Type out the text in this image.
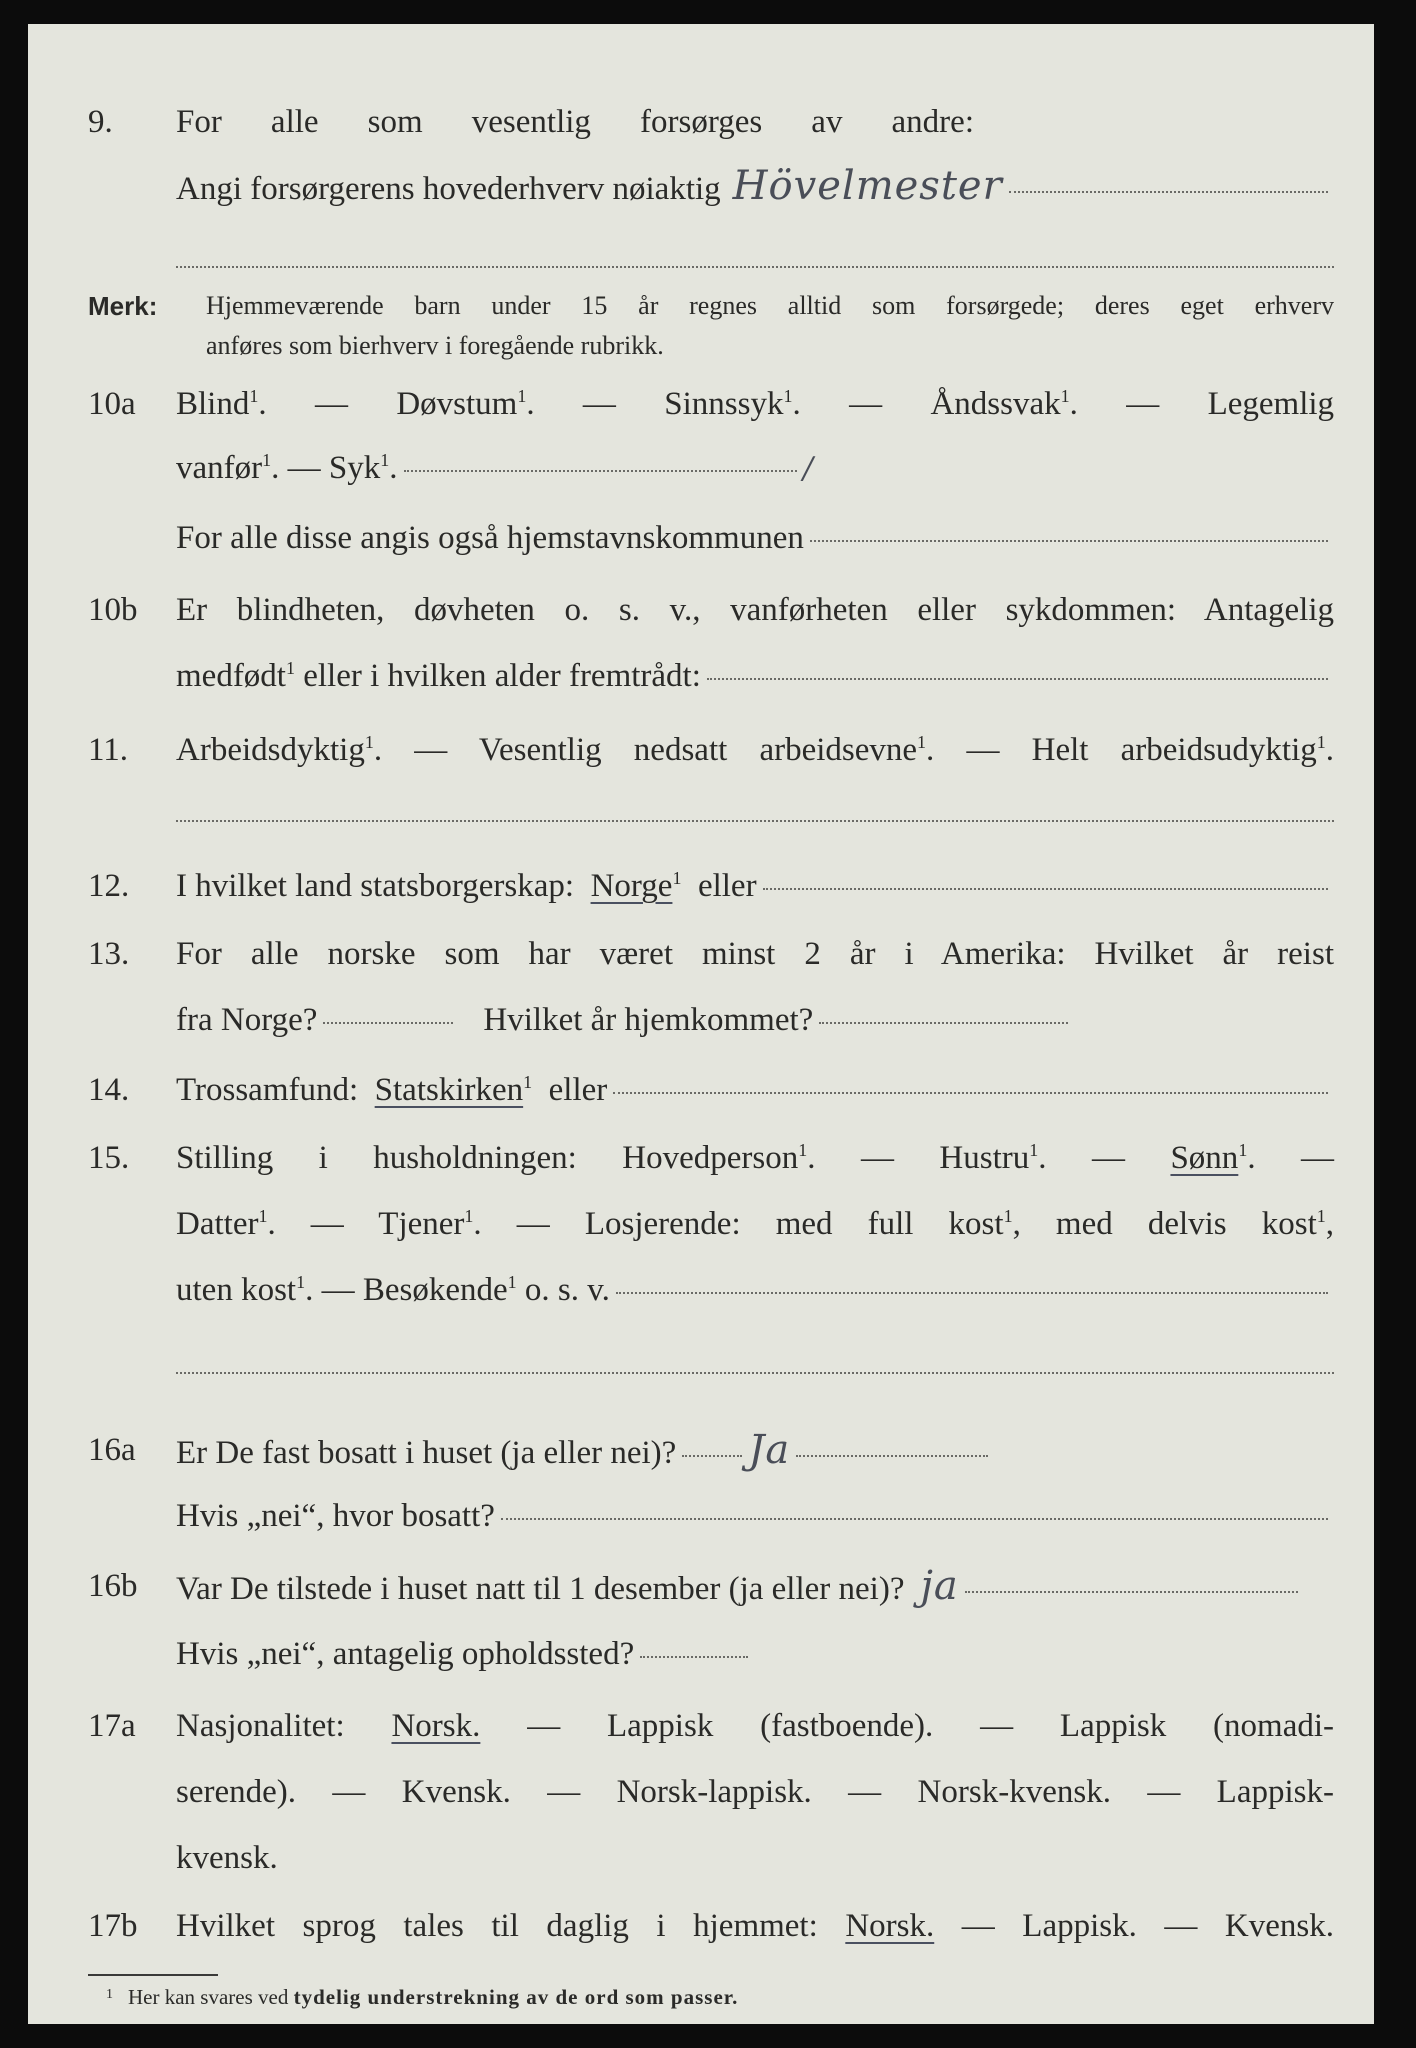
9. For alle som vesentlig forsørges av andre:
Angi forsørgerens hovederhverv nøiaktig Hövelmester
Merk: Hjemmeværende barn under 15 år regnes alltid som forsørgede; deres eget erhverv
anføres som bierhverv i foregående rubrikk.
10a Blind$^1$. — Døvstum$^1$. — Sinnssyk$^1$. — Åndssvak$^1$. — Legemlig
vanfør$^1$. — Syk$^1$.	/
For alle disse angis også hjemstavnskommunen
10b Er blindheten, døvheten o. s. v., vanførheten eller sykdommen: Antagelig
medfødt$^1$ eller i hvilken alder fremtrådt:
11. Arbeidsdyktig$^1$. — Vesentlig nedsatt arbeidsevne$^1$. — Helt arbeidsudyktig$^1$.
12. I hvilket land statsborgerskap: Norge$^1$ eller
13. For alle norske som har været minst 2 år i Amerika: Hvilket år reist
fra Norge?	Hvilket år hjemkommet?
14. Trossamfund: Statskirken$^1$ eller
15. Stilling i husholdningen: Hovedperson$^1$. — Hustru$^1$. — Sønn$^1$. —
Datter$^1$. — Tjener$^1$. — Losjerende: med full kost$^1$, med delvis kost$^1$,
uten kost$^1$. — Besøkende$^1$ o. s. v.
16a Er De fast bosatt i huset (ja eller nei)? Ja
Hvis „nei“, hvor bosatt?
16b Var De tilstede i huset natt til 1 desember (ja eller nei)? ja
Hvis „nei“, antagelig opholdssted?
17a Nasjonalitet: Norsk. — Lappisk (fastboende). — Lappisk (nomadi-
serende). — Kvensk. — Norsk-lappisk. — Norsk-kvensk. — Lappisk-
kvensk.
17b Hvilket sprog tales til daglig i hjemmet: Norsk. — Lappisk. — Kvensk.
1 Her kan svares ved tydelig understrekning av de ord som passer.
